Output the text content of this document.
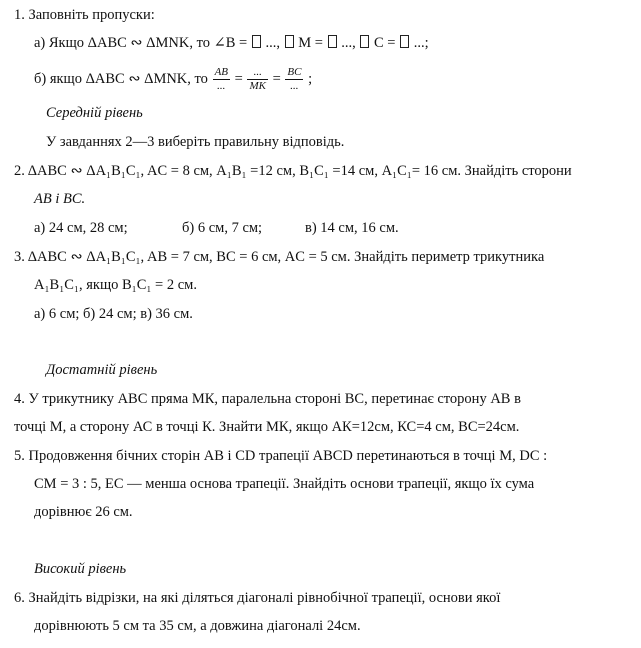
1. Заповніть пропуски:
а) Якщо ΔABC ∾ ΔMNK, то ∠B =  ...,  M =  ...,  C =  ...;
б) якщо ΔABC ∾ ΔMNK, то $\frac{AB}{...} = \frac{...}{MK} = \frac{BC}{...}$ ;
Середній рівень
У завданнях 2—3 виберіть правильну відповідь.
2. ΔABC ∾ ΔA₁B₁C₁, AC = 8 см, A₁B₁ =12 см, B₁C₁ =14 см, A₁C₁= 16 см. Знайдіть сторони
AB і BC.
а) 24 см, 28 см;	б) 6 см, 7 см;	в) 14 см, 16 см.
3. ΔABC ∾ ΔA₁B₁C₁, AB = 7 см, BC = 6 см, AC = 5 см. Знайдіть периметр трикутника
A₁B₁C₁, якщо B₁C₁ = 2 см.
а) 6 см; б) 24 см; в) 36 см.
Достатній рівень
4. У трикутнику ABC пряма МК, паралельна стороні ВС, перетинає сторону АВ в
точці М, а сторону АС в точці К. Знайти МК, якщо АК=12см, КС=4 см, ВС=24см.
5. Продовження бічних сторін AB і CD трапеції ABCD перетинаються в точці M, DC :
CM = 3 : 5, EC — менша основа трапеції. Знайдіть основи трапеції, якщо їх сума
дорівнює 26 см.
Високий рівень
6. Знайдіть відрізки, на які діляться діагоналі рівнобічної трапеції, основи якої
дорівнюють 5 см та 35 см, а довжина діагоналі 24см.
